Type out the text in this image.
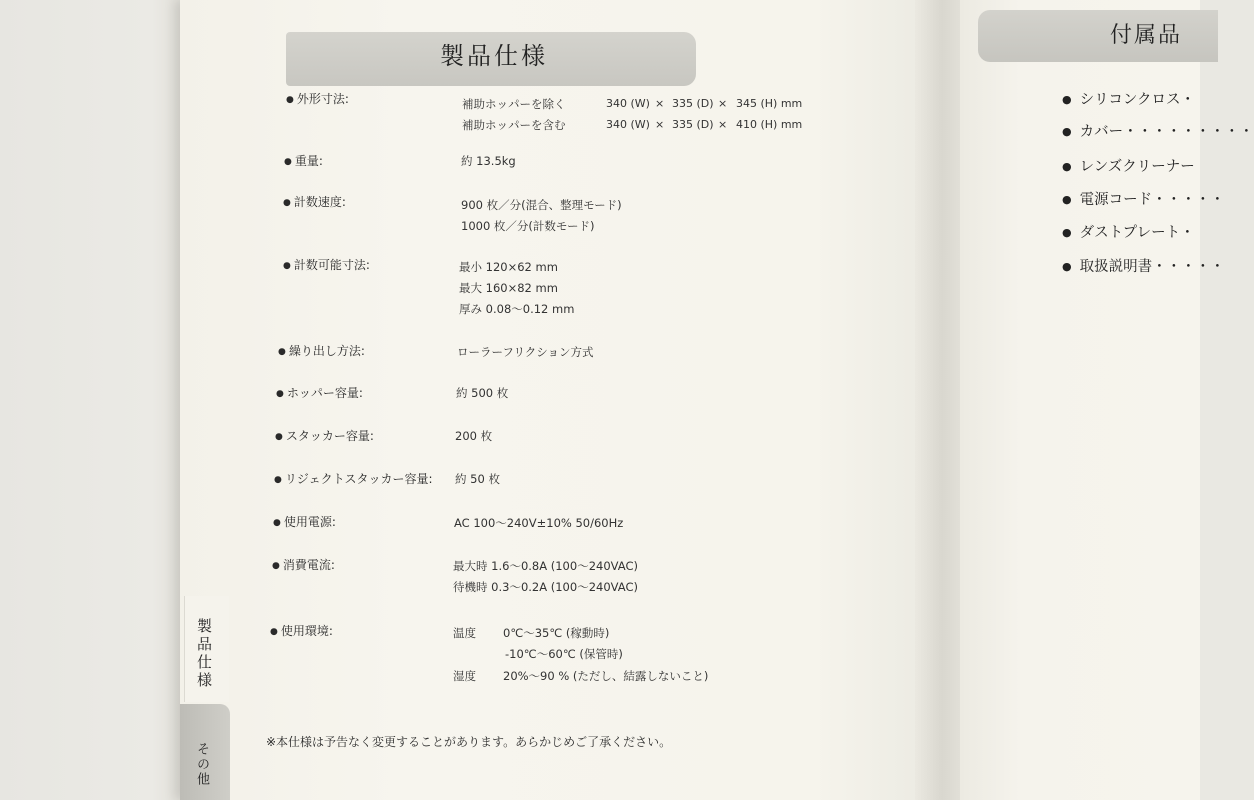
製品仕様
● 外形寸法:	補助ホッパーを除く	340 (W) × 335 (D) × 345 (H) mm
補助ホッパーを含む	340 (W) × 335 (D) × 410 (H) mm
● 重量:	約 13.5kg
● 計数速度:	900 枚／分(混合、整理モード)
1000 枚／分(計数モード)
● 計数可能寸法:	最小 120×62 mm
最大 160×82 mm
厚み 0.08～0.12 mm
● 繰り出し方法:	ローラーフリクション方式
● ホッパー容量:	約 500 枚
● スタッカー容量:	200 枚
● リジェクトスタッカー容量: 約 50 枚
● 使用電源:	AC 100～240V±10% 50/60Hz
● 消費電流:	最大時 1.6～0.8A (100～240VAC)
待機時 0.3～0.2A (100～240VAC)
● 使用環境:	温度 0℃～35℃ (稼動時)
-10℃～60℃ (保管時)
湿度 20%～90 % (ただし、結露しないこと)
※本仕様は予告なく変更することがあります。あらかじめご了承ください。
製品仕様
その他
付属品
● シリコンクロス・
● カバー・・・・・・・・・
● レンズクリーナー
● 電源コード・・・・・
● ダストプレート・
● 取扱説明書・・・・・
